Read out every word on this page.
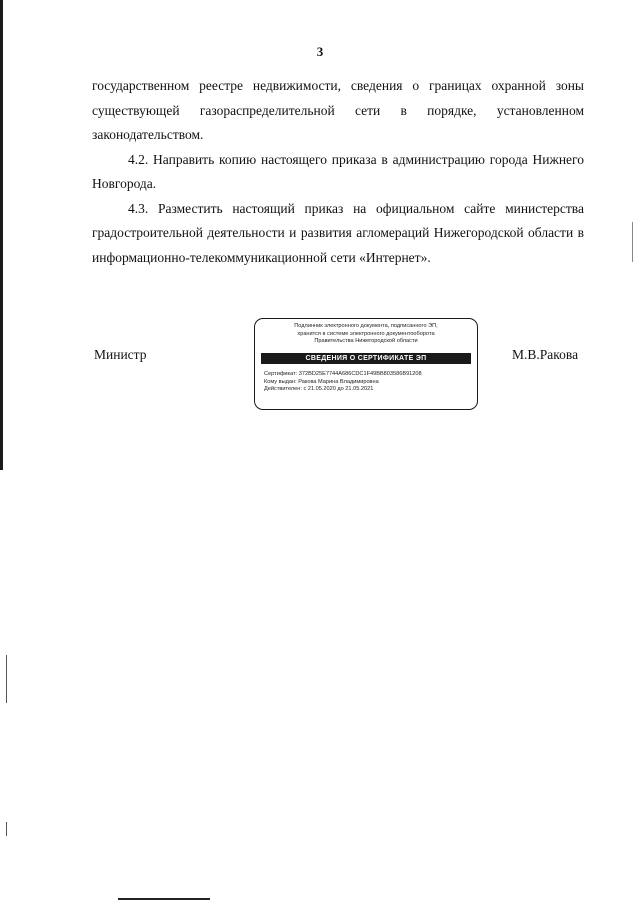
3

государственном реестре недвижимости, сведения о границах охранной зоны существующей газораспределительной сети в порядке, установленном законодательством.

4.2. Направить копию настоящего приказа в администрацию города Нижнего Новгорода.

4.3. Разместить настоящий приказ на официальном сайте министерства градостроительной деятельности и развития агломераций Нижегородской области в информационно-телекоммуникационной сети «Интернет».

Министр
Подлинник электронного документа, подписанного ЭП,
хранится в системе электронного документооборота
Правительства Нижегородской области
СВЕДЕНИЯ О СЕРТИФИКАТЕ ЭП
Сертификат: 372BD25E7744A686CDC1F49BB803586B91208
Кому выдан: Ракова Марина Владимировна
Действителен: с 21.05.2020 до 21.05.2021
М.В.Ракова
